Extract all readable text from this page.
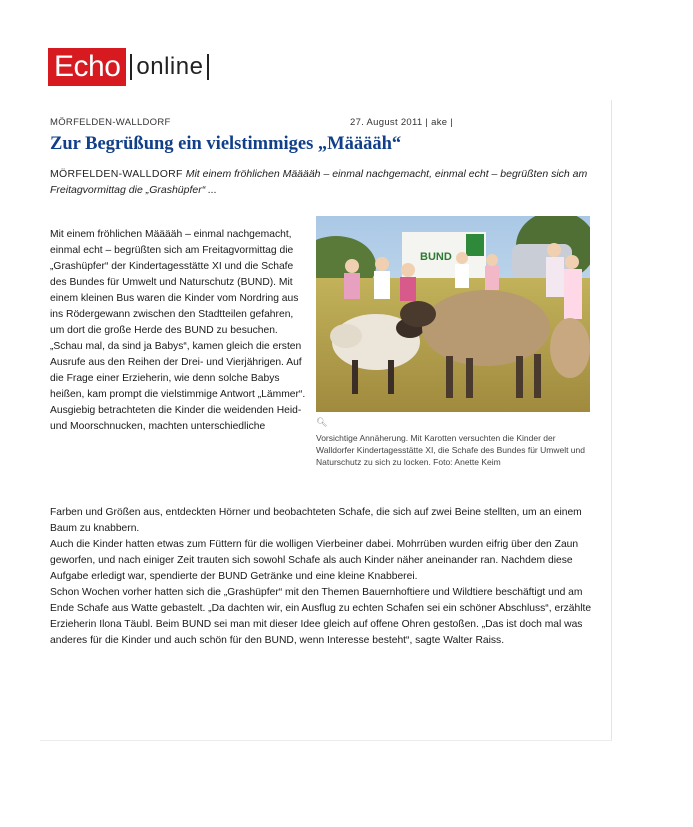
Echo online
MÖRFELDEN-WALLDORF	27. August 2011 | ake |
Zur Begrüßung ein vielstimmiges „Määääh“
MÖRFELDEN-WALLDORF Mit einem fröhlichen Määääh – einmal nachgemacht, einmal echt – begrüßten sich am Freitagvormittag die „Grashüpfer“ ...

Mit einem fröhlichen Määääh – einmal nachgemacht, einmal echt – begrüßten sich am Freitagvormittag die „Grashüpfer“ der Kindertagesstätte XI und die Schafe des Bundes für Umwelt und Naturschutz (BUND). Mit einem kleinen Bus waren die Kinder vom Nordring aus ins Rödergewann zwischen den Stadtteilen gefahren, um dort die große Herde des BUND zu besuchen.

„Schau mal, da sind ja Babys“, kamen gleich die ersten Ausrufe aus den Reihen der Drei- und Vierjährigen. Auf die Frage einer Erzieherin, wie denn solche Babys heißen, kam prompt die vielstimmige Antwort „Lämmer“. Ausgiebig betrachteten die Kinder die weidenden Heid- und Moorschnucken, machten unterschiedliche

BUND
🔍︎
Vorsichtige Annäherung. Mit Karotten versuchten die Kinder der Walldorfer Kindertagesstätte XI, die Schafe des Bundes für Umwelt und Naturschutz zu sich zu locken. Foto: Anette Keim

Farben und Größen aus, entdeckten Hörner und beobachteten Schafe, die sich auf zwei Beine stellten, um an einem Baum zu knabbern.

Auch die Kinder hatten etwas zum Füttern für die wolligen Vierbeiner dabei. Mohrrüben wurden eifrig über den Zaun geworfen, und nach einiger Zeit trauten sich sowohl Schafe als auch Kinder näher aneinander ran. Nachdem diese Aufgabe erledigt war, spendierte der BUND Getränke und eine kleine Knabberei.

Schon Wochen vorher hatten sich die „Grashüpfer“ mit den Themen Bauernhoftiere und Wildtiere beschäftigt und am Ende Schafe aus Watte gebastelt. „Da dachten wir, ein Ausflug zu echten Schafen sei ein schöner Abschluss“, erzählte Erzieherin Ilona Täubl. Beim BUND sei man mit dieser Idee gleich auf offene Ohren gestoßen. „Das ist doch mal was anderes für die Kinder und auch schön für den BUND, wenn Interesse besteht“, sagte Walter Raiss.
